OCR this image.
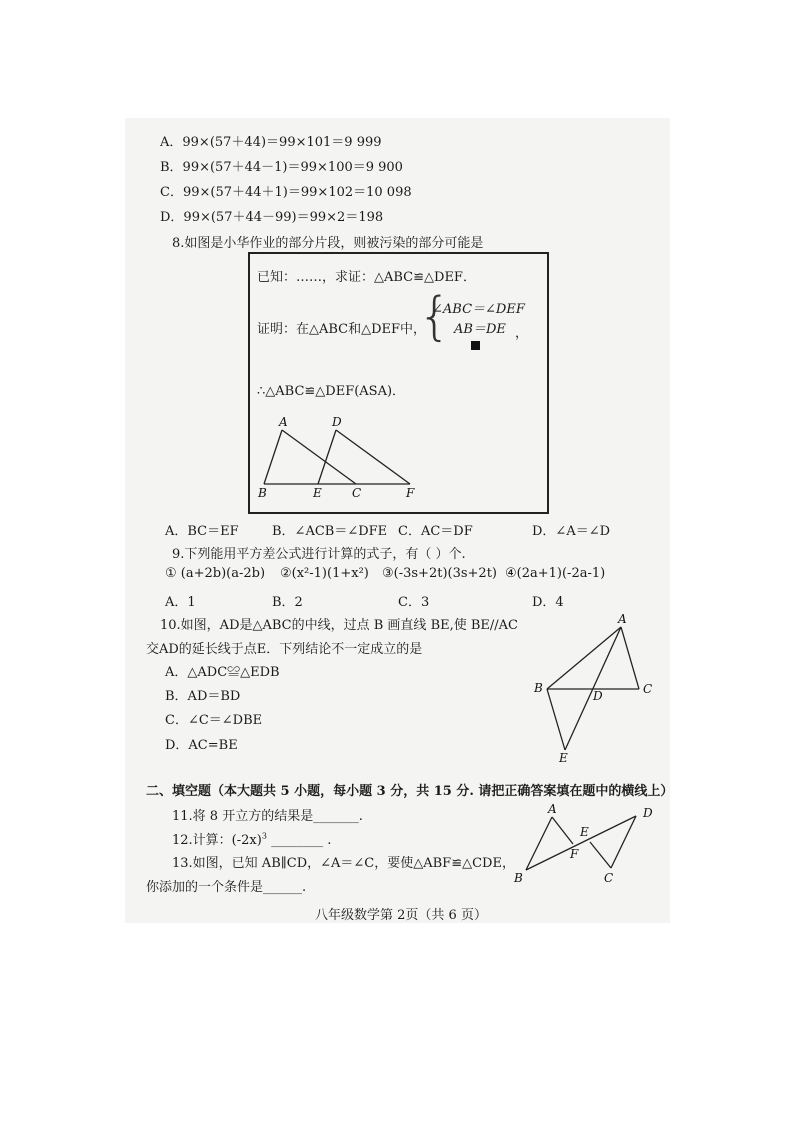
A．99×(57＋44)＝99×101＝9 999
B．99×(57＋44－1)＝99×100＝9 900
C．99×(57＋44＋1)＝99×102＝10 098
D．99×(57＋44－99)＝99×2＝198
8.如图是小华作业的部分片段，则被污染的部分可能是
已知：……，求证：△ABC≌△DEF．
证明：在△ABC和△DEF中，
{
∠ABC＝∠DEF
AB＝DE ，
∴△ABC≌△DEF(ASA)．
A	D
B	E	C	F
A．BC＝EF	B．∠ACB＝∠DFE C．AC＝DF	D．∠A＝∠D
9.下列能用平方差公式进行计算的式子，有（ ）个.
① (a+2b)(a-2b) ②(x²-1)(1+x²) ③(-3s+2t)(3s+2t) ④(2a+1)(-2a-1)
A．1	B．2	C．3	D．4
10.如图，AD是△ABC的中线，过点 B 画直线 BE,使 BE//AC
交AD的延长线于点E．下列结论不一定成立的是
A．△ADC≌△EDB
B．AD＝BD
C．∠C＝∠DBE
D．AC=BE
A
B
D	C
E
二、填空题（本大题共 5 小题，每小题 3 分，共 15 分. 请把正确答案填在题中的横线上）
11.将 8 开立方的结果是_______.
12.计算：$(-2x)^3$ ________ .
13.如图，已知 AB∥CD，∠A＝∠C，要使△ABF≌△CDE，
你添加的一个条件是______.
A
E
D
F
B	C
八年级数学第 2页（共 6 页）
